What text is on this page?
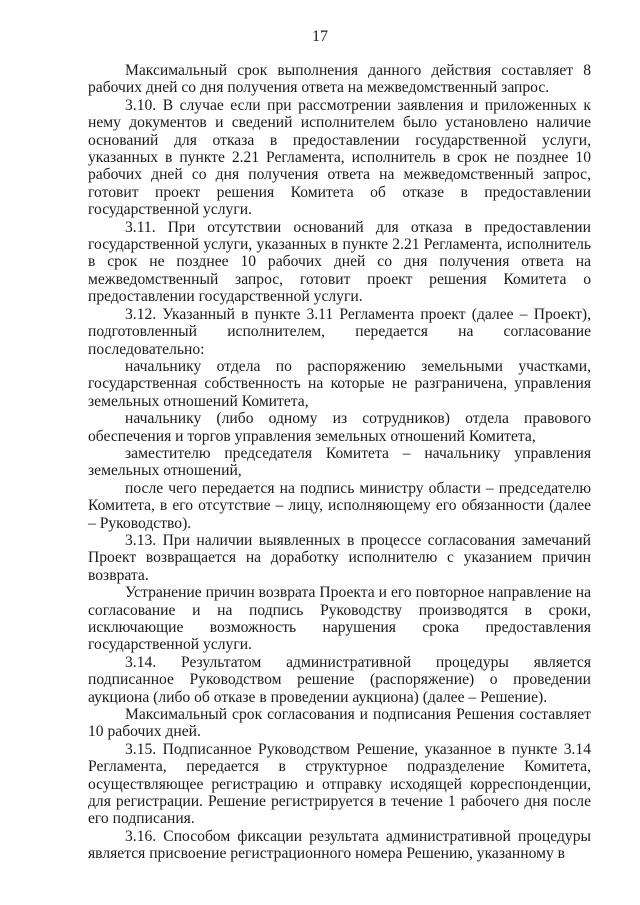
17

Максимальный срок выполнения данного действия составляет 8 рабочих дней со дня получения ответа на межведомственный запрос.

3.10. В случае если при рассмотрении заявления и приложенных к нему документов и сведений исполнителем было установлено наличие оснований для отказа в предоставлении государственной услуги, указанных в пункте 2.21 Регламента, исполнитель в срок не позднее 10 рабочих дней со дня получения ответа на межведомственный запрос, готовит проект решения Комитета об отказе в предоставлении государственной услуги.

3.11. При отсутствии оснований для отказа в предоставлении государственной услуги, указанных в пункте 2.21 Регламента, исполнитель в срок не позднее 10 рабочих дней со дня получения ответа на межведомственный запрос, готовит проект решения Комитета о предоставлении государственной услуги.

3.12. Указанный в пункте 3.11 Регламента проект (далее – Проект), подготовленный исполнителем, передается на согласование последовательно:

начальнику отдела по распоряжению земельными участками, государственная собственность на которые не разграничена, управления земельных отношений Комитета,

начальнику (либо одному из сотрудников) отдела правового обеспечения и торгов управления земельных отношений Комитета,

заместителю председателя Комитета – начальнику управления земельных отношений,

после чего передается на подпись министру области – председателю Комитета, в его отсутствие – лицу, исполняющему его обязанности (далее – Руководство).

3.13. При наличии выявленных в процессе согласования замечаний Проект возвращается на доработку исполнителю с указанием причин возврата.

Устранение причин возврата Проекта и его повторное направление на согласование и на подпись Руководству производятся в сроки, исключающие возможность нарушения срока предоставления государственной услуги.

3.14. Результатом административной процедуры является подписанное Руководством решение (распоряжение) о проведении аукциона (либо об отказе в проведении аукциона) (далее – Решение).

Максимальный срок согласования и подписания Решения составляет 10 рабочих дней.

3.15. Подписанное Руководством Решение, указанное в пункте 3.14 Регламента, передается в структурное подразделение Комитета, осуществляющее регистрацию и отправку исходящей корреспонденции, для регистрации. Решение регистрируется в течение 1 рабочего дня после его подписания.

3.16. Способом фиксации результата административной процедуры является присвоение регистрационного номера Решению, указанному в
